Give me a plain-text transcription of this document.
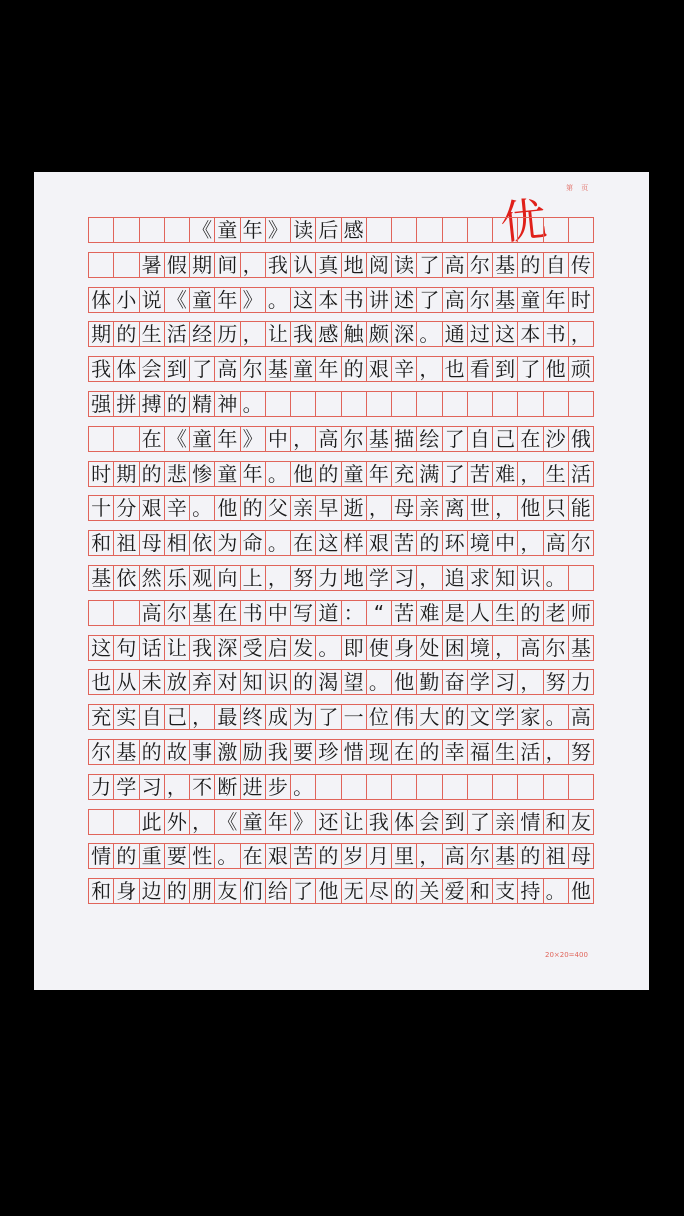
第 页
优
《 童 年 》 读 后 感
暑 假 期 间 ， 我 认 真 地 阅 读 了 高 尔 基 的 自 传
体 小 说 《 童 年 》 。 这 本 书 讲 述 了 高 尔 基 童 年 时
期 的 生 活 经 历 ， 让 我 感 触 颇 深 。 通 过 这 本 书 ，
我 体 会 到 了 高 尔 基 童 年 的 艰 辛 ， 也 看 到 了 他 顽
强 拼 搏 的 精 神 。
在 《 童 年 》 中 ， 高 尔 基 描 绘 了 自 己 在 沙 俄
时 期 的 悲 惨 童 年 。 他 的 童 年 充 满 了 苦 难 ， 生 活
十 分 艰 辛 。 他 的 父 亲 早 逝 ， 母 亲 离 世 ， 他 只 能
和 祖 母 相 依 为 命 。 在 这 样 艰 苦 的 环 境 中 ， 高 尔
基 依 然 乐 观 向 上 ， 努 力 地 学 习 ， 追 求 知 识 。
高 尔 基 在 书 中 写 道 ： “ 苦 难 是 人 生 的 老 师
这 句 话 让 我 深 受 启 发 。 即 使 身 处 困 境 ， 高 尔 基
也 从 未 放 弃 对 知 识 的 渴 望 。 他 勤 奋 学 习 ， 努 力
充 实 自 己 ， 最 终 成 为 了 一 位 伟 大 的 文 学 家 。 高
尔 基 的 故 事 激 励 我 要 珍 惜 现 在 的 幸 福 生 活 ， 努
力 学 习 ， 不 断 进 步 。
此 外 ， 《 童 年 》 还 让 我 体 会 到 了 亲 情 和 友
情 的 重 要 性 。 在 艰 苦 的 岁 月 里 ， 高 尔 基 的 祖 母
和 身 边 的 朋 友 们 给 了 他 无 尽 的 关 爱 和 支 持 。 他
20×20=400
